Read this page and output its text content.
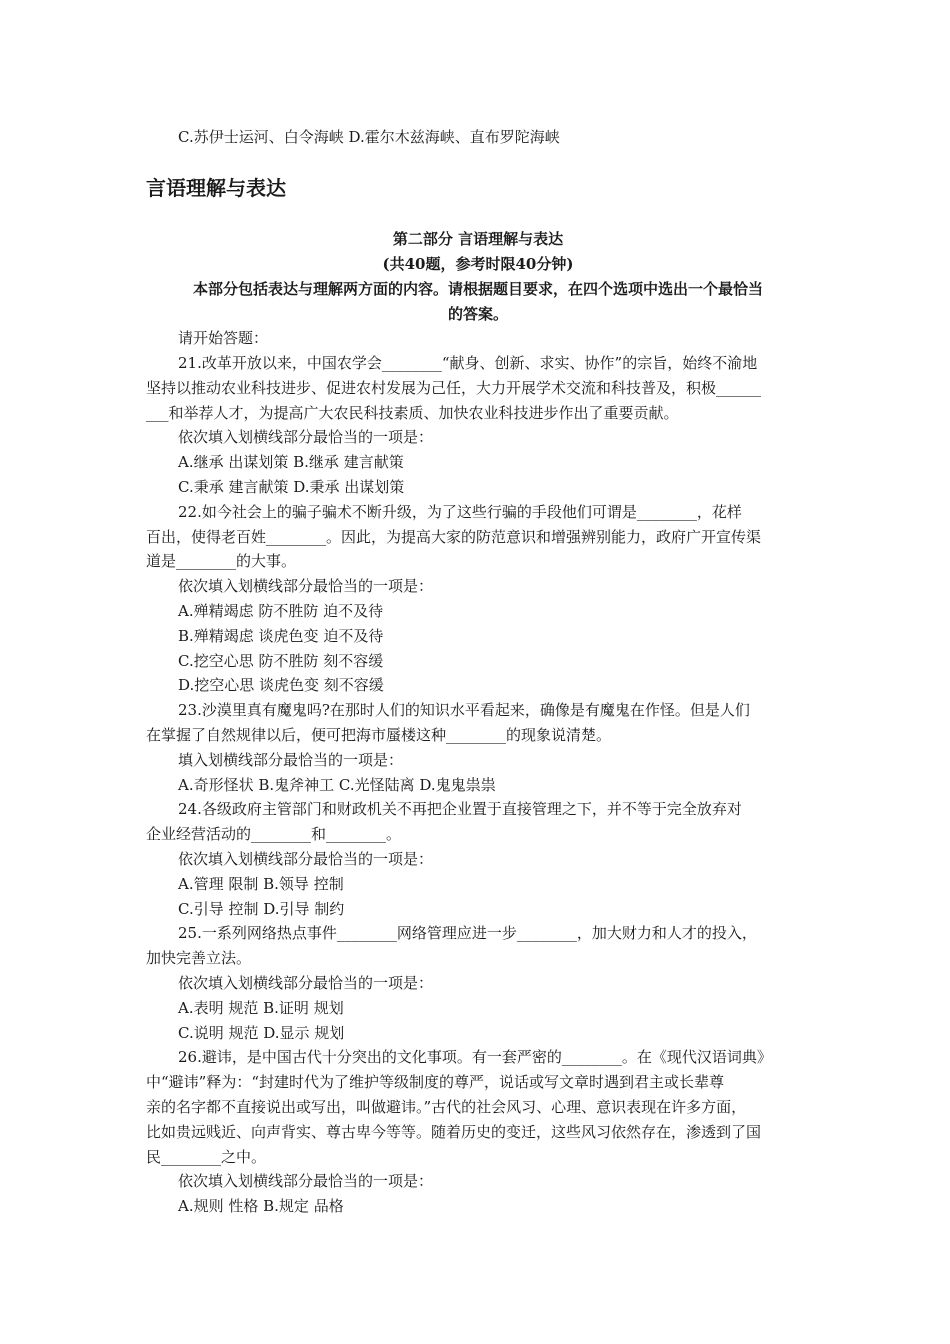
C.苏伊士运河、白令海峡 D.霍尔木兹海峡、直布罗陀海峡
言语理解与表达
第二部分 言语理解与表达
(共40题，参考时限40分钟)
本部分包括表达与理解两方面的内容。请根据题目要求，在四个选项中选出一个最恰当
的答案。
请开始答题：
21.改革开放以来，中国农学会________“献身、创新、求实、协作”的宗旨，始终不渝地
坚持以推动农业科技进步、促进农村发展为己任，大力开展学术交流和科技普及，积极______
___和举荐人才，为提高广大农民科技素质、加快农业科技进步作出了重要贡献。
依次填入划横线部分最恰当的一项是：
A.继承 出谋划策 B.继承 建言献策
C.秉承 建言献策 D.秉承 出谋划策
22.如今社会上的骗子骗术不断升级，为了这些行骗的手段他们可谓是________，花样
百出，使得老百姓________。因此，为提高大家的防范意识和增强辨别能力，政府广开宣传渠
道是________的大事。
依次填入划横线部分最恰当的一项是：
A.殚精竭虑 防不胜防 迫不及待
B.殚精竭虑 谈虎色变 迫不及待
C.挖空心思 防不胜防 刻不容缓
D.挖空心思 谈虎色变 刻不容缓
23.沙漠里真有魔鬼吗?在那时人们的知识水平看起来，确像是有魔鬼在作怪。但是人们
在掌握了自然规律以后，便可把海市蜃楼这种________的现象说清楚。
填入划横线部分最恰当的一项是：
A.奇形怪状 B.鬼斧神工 C.光怪陆离 D.鬼鬼祟祟
24.各级政府主管部门和财政机关不再把企业置于直接管理之下，并不等于完全放弃对
企业经营活动的________和________。
依次填入划横线部分最恰当的一项是：
A.管理 限制 B.领导 控制
C.引导 控制 D.引导 制约
25.一系列网络热点事件________网络管理应进一步________，加大财力和人才的投入，
加快完善立法。
依次填入划横线部分最恰当的一项是：
A.表明 规范 B.证明 规划
C.说明 规范 D.显示 规划
26.避讳，是中国古代十分突出的文化事项。有一套严密的________。在《现代汉语词典》
中“避讳”释为：“封建时代为了维护等级制度的尊严，说话或写文章时遇到君主或长辈尊
亲的名字都不直接说出或写出，叫做避讳。”古代的社会风习、心理、意识表现在许多方面，
比如贵远贱近、向声背实、尊古卑今等等。随着历史的变迁，这些风习依然存在，渗透到了国
民________之中。
依次填入划横线部分最恰当的一项是：
A.规则 性格 B.规定 品格
